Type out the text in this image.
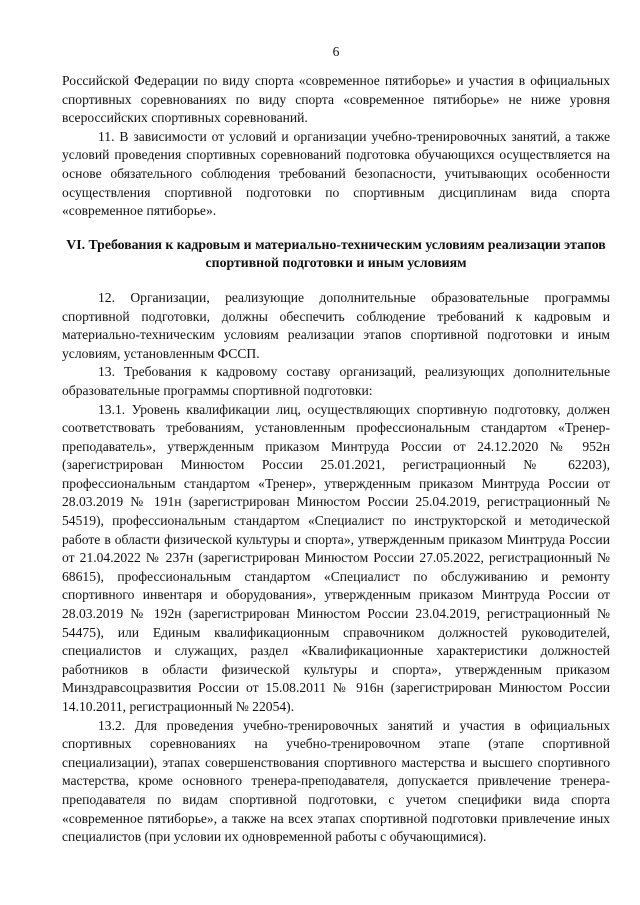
6

Российской Федерации по виду спорта «современное пятиборье» и участия в официальных спортивных соревнованиях по виду спорта «современное пятиборье» не ниже уровня всероссийских спортивных соревнований.

11. В зависимости от условий и организации учебно-тренировочных занятий, а также условий проведения спортивных соревнований подготовка обучающихся осуществляется на основе обязательного соблюдения требований безопасности, учитывающих особенности осуществления спортивной подготовки по спортивным дисциплинам вида спорта «современное пятиборье».

VI. Требования к кадровым и материально-техническим условиям реализации этапов спортивной подготовки и иным условиям

12. Организации, реализующие дополнительные образовательные программы спортивной подготовки, должны обеспечить соблюдение требований к кадровым и материально-техническим условиям реализации этапов спортивной подготовки и иным условиям, установленным ФССП.

13. Требования к кадровому составу организаций, реализующих дополнительные образовательные программы спортивной подготовки:

13.1. Уровень квалификации лиц, осуществляющих спортивную подготовку, должен соответствовать требованиям, установленным профессиональным стандартом «Тренер-преподаватель», утвержденным приказом Минтруда России от 24.12.2020 № 952н (зарегистрирован Минюстом России 25.01.2021, регистрационный № 62203), профессиональным стандартом «Тренер», утвержденным приказом Минтруда России от 28.03.2019 № 191н (зарегистрирован Минюстом России 25.04.2019, регистрационный № 54519), профессиональным стандартом «Специалист по инструкторской и методической работе в области физической культуры и спорта», утвержденным приказом Минтруда России от 21.04.2022 № 237н (зарегистрирован Минюстом России 27.05.2022, регистрационный № 68615), профессиональным стандартом «Специалист по обслуживанию и ремонту спортивного инвентаря и оборудования», утвержденным приказом Минтруда России от 28.03.2019 № 192н (зарегистрирован Минюстом России 23.04.2019, регистрационный № 54475), или Единым квалификационным справочником должностей руководителей, специалистов и служащих, раздел «Квалификационные характеристики должностей работников в области физической культуры и спорта», утвержденным приказом Минздравсоцразвития России от 15.08.2011 № 916н (зарегистрирован Минюстом России 14.10.2011, регистрационный № 22054).

13.2. Для проведения учебно-тренировочных занятий и участия в официальных спортивных соревнованиях на учебно-тренировочном этапе (этапе спортивной специализации), этапах совершенствования спортивного мастерства и высшего спортивного мастерства, кроме основного тренера-преподавателя, допускается привлечение тренера-преподавателя по видам спортивной подготовки, с учетом специфики вида спорта «современное пятиборье», а также на всех этапах спортивной подготовки привлечение иных специалистов (при условии их одновременной работы с обучающимися).
